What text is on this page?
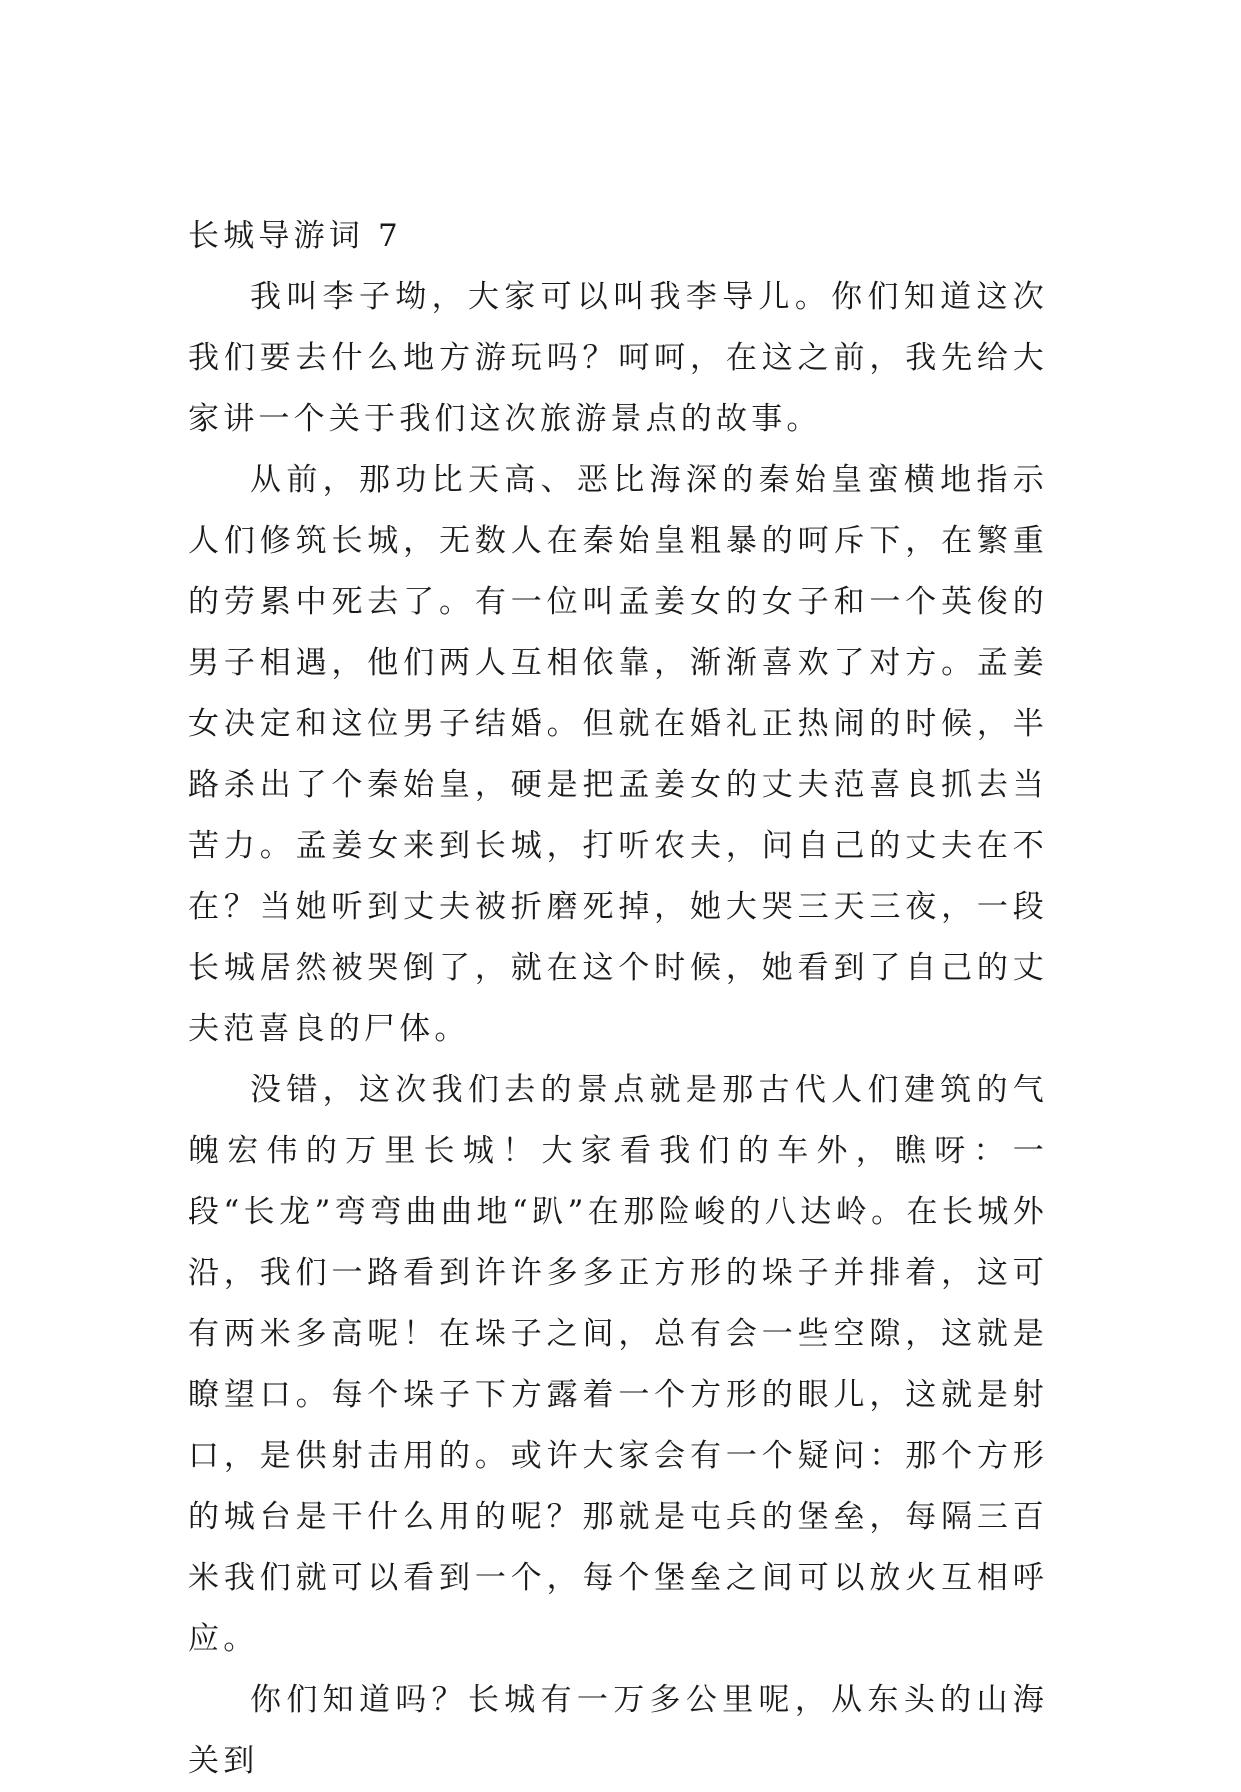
长城导游词 7

我叫李子坳，大家可以叫我李导儿。你们知道这次我们要去什么地方游玩吗？呵呵，在这之前，我先给大家讲一个关于我们这次旅游景点的故事。

从前，那功比天高、恶比海深的秦始皇蛮横地指示人们修筑长城，无数人在秦始皇粗暴的呵斥下，在繁重的劳累中死去了。有一位叫孟姜女的女子和一个英俊的男子相遇，他们两人互相依靠，渐渐喜欢了对方。孟姜女决定和这位男子结婚。但就在婚礼正热闹的时候，半路杀出了个秦始皇，硬是把孟姜女的丈夫范喜良抓去当苦力。孟姜女来到长城，打听农夫，问自己的丈夫在不在？当她听到丈夫被折磨死掉，她大哭三天三夜，一段长城居然被哭倒了，就在这个时候，她看到了自己的丈夫范喜良的尸体。

没错，这次我们去的景点就是那古代人们建筑的气魄宏伟的万里长城！大家看我们的车外，瞧呀：一段“长龙”弯弯曲曲地“趴”在那险峻的八达岭。在长城外沿，我们一路看到许许多多正方形的垛子并排着，这可有两米多高呢！在垛子之间，总有会一些空隙，这就是瞭望口。每个垛子下方露着一个方形的眼儿，这就是射口，是供射击用的。或许大家会有一个疑问：那个方形的城台是干什么用的呢？那就是屯兵的堡垒，每隔三百米我们就可以看到一个，每个堡垒之间可以放火互相呼应。

你们知道吗？长城有一万多公里呢，从东头的山海关到
